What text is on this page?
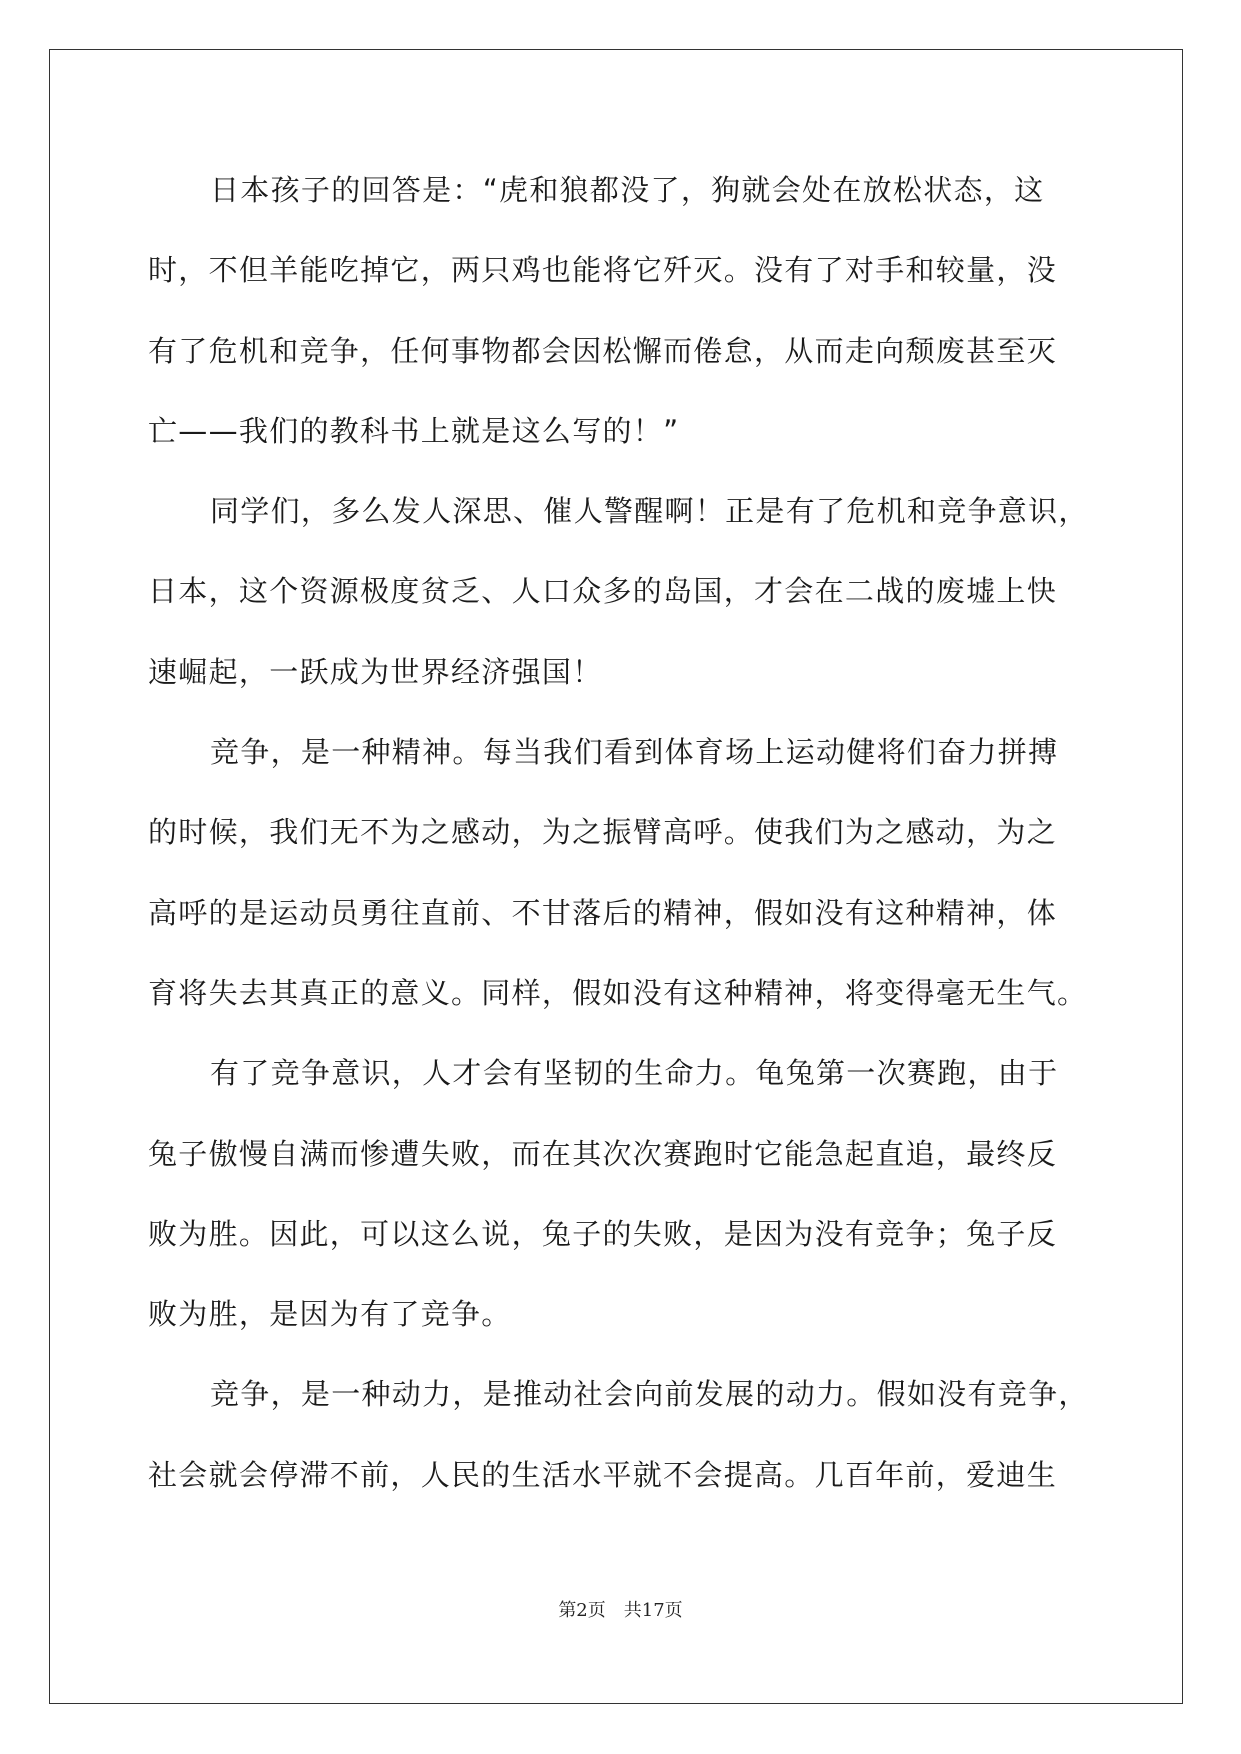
日本孩子的回答是：“虎和狼都没了，狗就会处在放松状态，这
时，不但羊能吃掉它，两只鸡也能将它歼灭。没有了对手和较量，没
有了危机和竞争，任何事物都会因松懈而倦怠，从而走向颓废甚至灭
亡——我们的教科书上就是这么写的！”
同学们，多么发人深思、催人警醒啊！正是有了危机和竞争意识，
日本，这个资源极度贫乏、人口众多的岛国，才会在二战的废墟上快
速崛起，一跃成为世界经济强国！
竞争，是一种精神。每当我们看到体育场上运动健将们奋力拼搏
的时候，我们无不为之感动，为之振臂高呼。使我们为之感动，为之
高呼的是运动员勇往直前、不甘落后的精神，假如没有这种精神，体
育将失去其真正的意义。同样，假如没有这种精神，将变得毫无生气。
有了竞争意识，人才会有坚韧的生命力。龟兔第一次赛跑，由于
兔子傲慢自满而惨遭失败，而在其次次赛跑时它能急起直追，最终反
败为胜。因此，可以这么说，兔子的失败，是因为没有竞争；兔子反
败为胜，是因为有了竞争。
竞争，是一种动力，是推动社会向前发展的动力。假如没有竞争，
社会就会停滞不前，人民的生活水平就不会提高。几百年前，爱迪生
第2页 共17页
